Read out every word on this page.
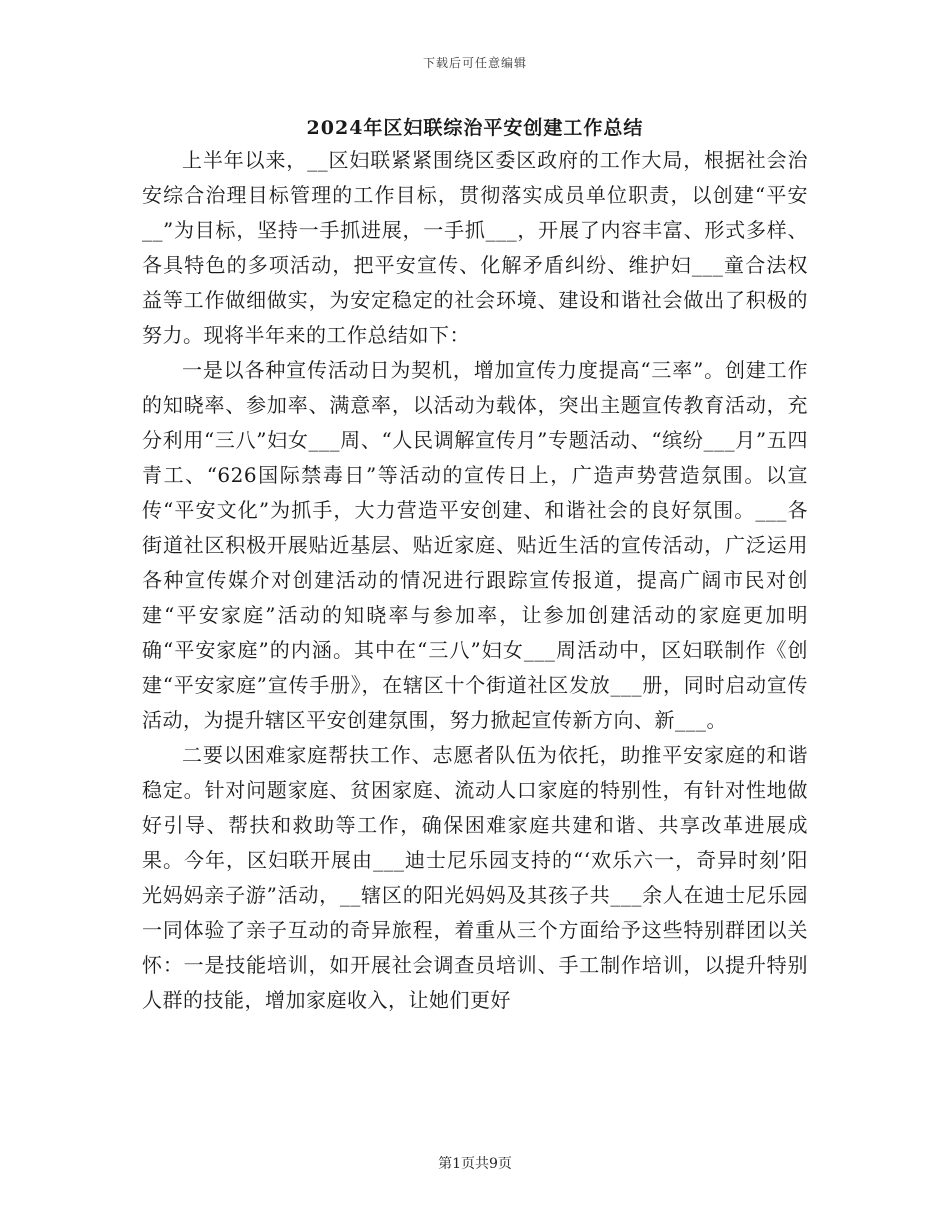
下载后可任意编辑
2024年区妇联综治平安创建工作总结

上半年以来，__区妇联紧紧围绕区委区政府的工作大局，根据社会治安综合治理目标管理的工作目标，贯彻落实成员单位职责，以创建“平安__”为目标，坚持一手抓进展，一手抓___，开展了内容丰富、形式多样、各具特色的多项活动，把平安宣传、化解矛盾纠纷、维护妇___童合法权益等工作做细做实，为安定稳定的社会环境、建设和谐社会做出了积极的努力。现将半年来的工作总结如下：

一是以各种宣传活动日为契机，增加宣传力度提高“三率”。创建工作的知晓率、参加率、满意率，以活动为载体，突出主题宣传教育活动，充分利用“三八”妇女___周、“人民调解宣传月”专题活动、“缤纷___月”五四青工、“626国际禁毒日”等活动的宣传日上，广造声势营造氛围。以宣传“平安文化”为抓手，大力营造平安创建、和谐社会的良好氛围。___各街道社区积极开展贴近基层、贴近家庭、贴近生活的宣传活动，广泛运用各种宣传媒介对创建活动的情况进行跟踪宣传报道，提高广阔市民对创建“平安家庭”活动的知晓率与参加率，让参加创建活动的家庭更加明确“平安家庭”的内涵。其中在“三八”妇女___周活动中，区妇联制作《创建“平安家庭”宣传手册》，在辖区十个街道社区发放___册，同时启动宣传活动，为提升辖区平安创建氛围，努力掀起宣传新方向、新___。

二要以困难家庭帮扶工作、志愿者队伍为依托，助推平安家庭的和谐稳定。针对问题家庭、贫困家庭、流动人口家庭的特别性，有针对性地做好引导、帮扶和救助等工作，确保困难家庭共建和谐、共享改革进展成果。今年，区妇联开展由___迪士尼乐园支持的“‘欢乐六一，奇异时刻’阳光妈妈亲子游”活动，__辖区的阳光妈妈及其孩子共___余人在迪士尼乐园一同体验了亲子互动的奇异旅程，着重从三个方面给予这些特别群团以关怀：一是技能培训，如开展社会调查员培训、手工制作培训，以提升特别人群的技能，增加家庭收入，让她们更好

第1页共9页
